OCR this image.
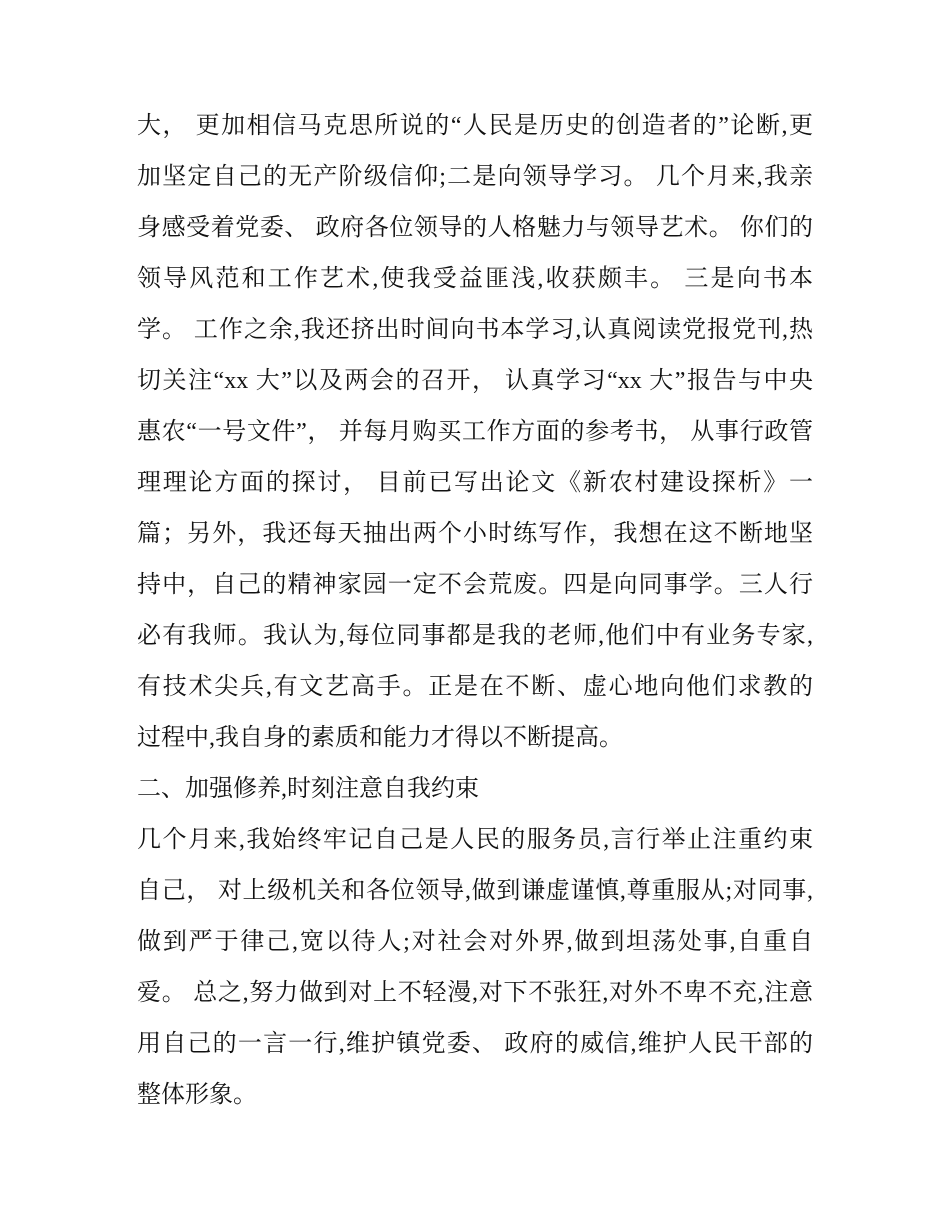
大， 更加相信马克思所说的“人民是历史的创造者的”论断,更
加坚定自己的无产阶级信仰;二是向领导学习。 几个月来,我亲
身感受着党委、 政府各位领导的人格魅力与领导艺术。 你们的
领导风范和工作艺术,使我受益匪浅,收获颇丰。 三是向书本
学。 工作之余,我还挤出时间向书本学习,认真阅读党报党刊,热
切关注“xx 大”以及两会的召开， 认真学习“xx 大”报告与中央
惠农“一号文件”， 并每月购买工作方面的参考书， 从事行政管
理理论方面的探讨， 目前已写出论文《新农村建设探析》一
篇；另外，我还每天抽出两个小时练写作，我想在这不断地坚
持中，自己的精神家园一定不会荒废。四是向同事学。三人行
必有我师。我认为,每位同事都是我的老师,他们中有业务专家,
有技术尖兵,有文艺高手。正是在不断、虚心地向他们求教的
过程中,我自身的素质和能力才得以不断提高。
二、加强修养,时刻注意自我约束
几个月来,我始终牢记自己是人民的服务员,言行举止注重约束
自己， 对上级机关和各位领导,做到谦虚谨慎,尊重服从;对同事,
做到严于律己,宽以待人;对社会对外界,做到坦荡处事,自重自
爱。 总之,努力做到对上不轻漫,对下不张狂,对外不卑不充,注意
用自己的一言一行,维护镇党委、 政府的威信,维护人民干部的
整体形象。
